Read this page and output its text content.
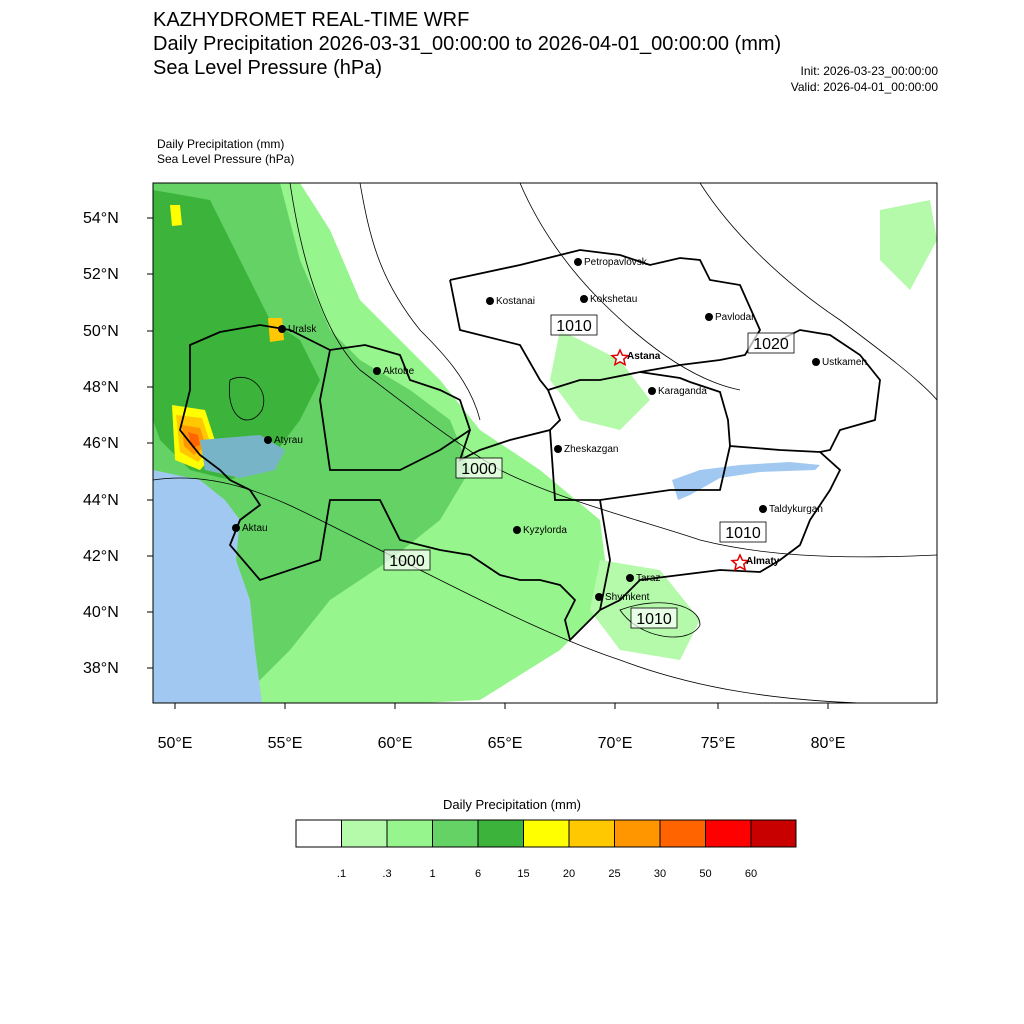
KAZHYDROMET REAL-TIME WRF
Daily Precipitation 2026-03-31_00:00:00 to 2026-04-01_00:00:00 (mm)
Sea Level Pressure (hPa)	Init: 2026-03-23_00:00:00
Valid: 2026-04-01_00:00:00
Daily Precipitation (mm)
Sea Level Pressure (hPa)
54°N
52°N
50°N
48°N
46°N
44°N
42°N
40°N
38°N
50°E	55°E	60°E	65°E	70°E	75°E	80°E
1010
1020
1000
1000
1010
1010
Petropavlovsk
Kostanai	Kokshetau
Pavlodar
Uralsk
Astana
Ustkamen
Aktobe
Karaganda
Atyrau
Zheskazgan
Taldykurgan
Aktau	Kyzylorda
Almaty
Taraz
Shymkent
.1	.3	1	6	15	20	25	30	50	60
Daily Precipitation (mm)
